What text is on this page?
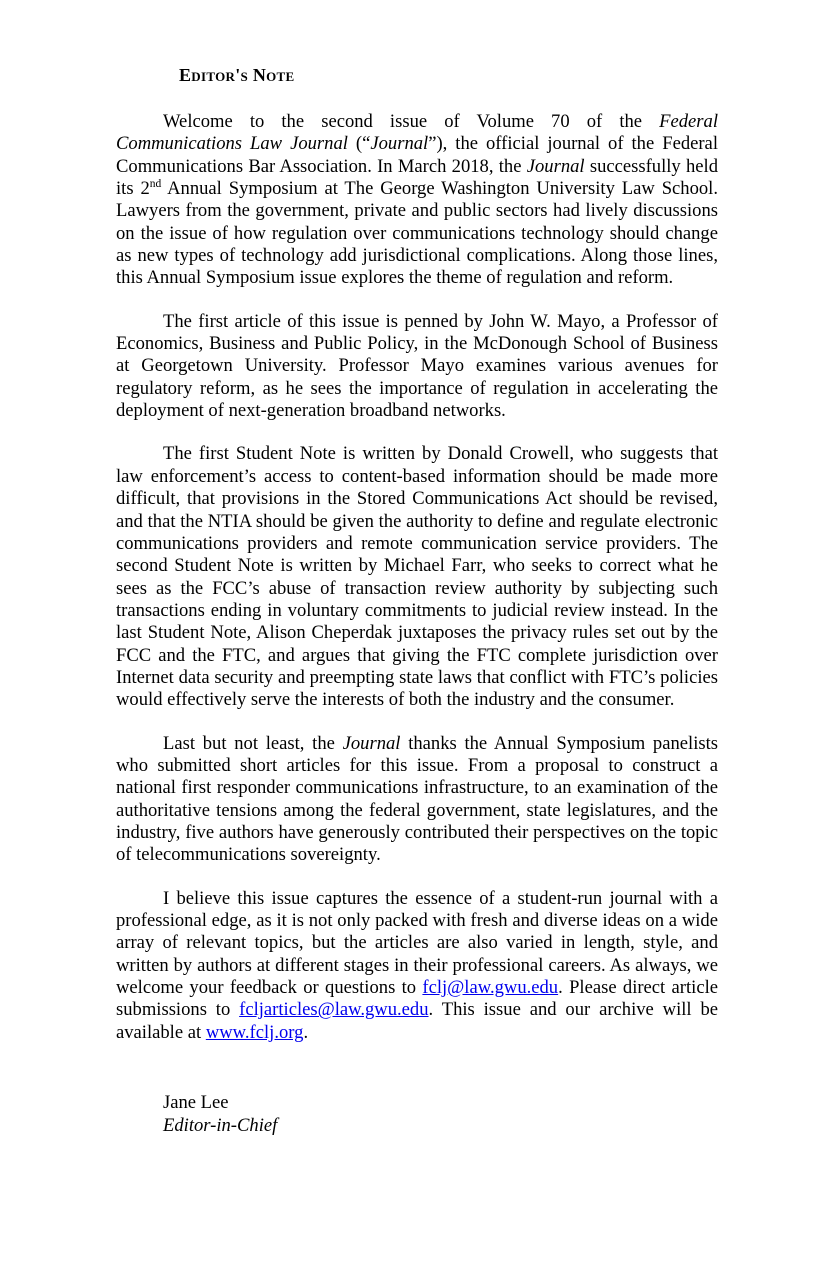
Editor's Note

Welcome to the second issue of Volume 70 of the Federal Communications Law Journal (“Journal”), the official journal of the Federal Communications Bar Association. In March 2018, the Journal successfully held its 2nd Annual Symposium at The George Washington University Law School. Lawyers from the government, private and public sectors had lively discussions on the issue of how regulation over communications technology should change as new types of technology add jurisdictional complications. Along those lines, this Annual Symposium issue explores the theme of regulation and reform.

The first article of this issue is penned by John W. Mayo, a Professor of Economics, Business and Public Policy, in the McDonough School of Business at Georgetown University. Professor Mayo examines various avenues for regulatory reform, as he sees the importance of regulation in accelerating the deployment of next-generation broadband networks.

The first Student Note is written by Donald Crowell, who suggests that law enforcement’s access to content-based information should be made more difficult, that provisions in the Stored Communications Act should be revised, and that the NTIA should be given the authority to define and regulate electronic communications providers and remote communication service providers. The second Student Note is written by Michael Farr, who seeks to correct what he sees as the FCC’s abuse of transaction review authority by subjecting such transactions ending in voluntary commitments to judicial review instead. In the last Student Note, Alison Cheperdak juxtaposes the privacy rules set out by the FCC and the FTC, and argues that giving the FTC complete jurisdiction over Internet data security and preempting state laws that conflict with FTC’s policies would effectively serve the interests of both the industry and the consumer.

Last but not least, the Journal thanks the Annual Symposium panelists who submitted short articles for this issue. From a proposal to construct a national first responder communications infrastructure, to an examination of the authoritative tensions among the federal government, state legislatures, and the industry, five authors have generously contributed their perspectives on the topic of telecommunications sovereignty.

I believe this issue captures the essence of a student-run journal with a professional edge, as it is not only packed with fresh and diverse ideas on a wide array of relevant topics, but the articles are also varied in length, style, and written by authors at different stages in their professional careers. As always, we welcome your feedback or questions to fclj@law.gwu.edu. Please direct article submissions to fcljarticles@law.gwu.edu. This issue and our archive will be available at www.fclj.org.

Jane Lee
Editor-in-Chief
